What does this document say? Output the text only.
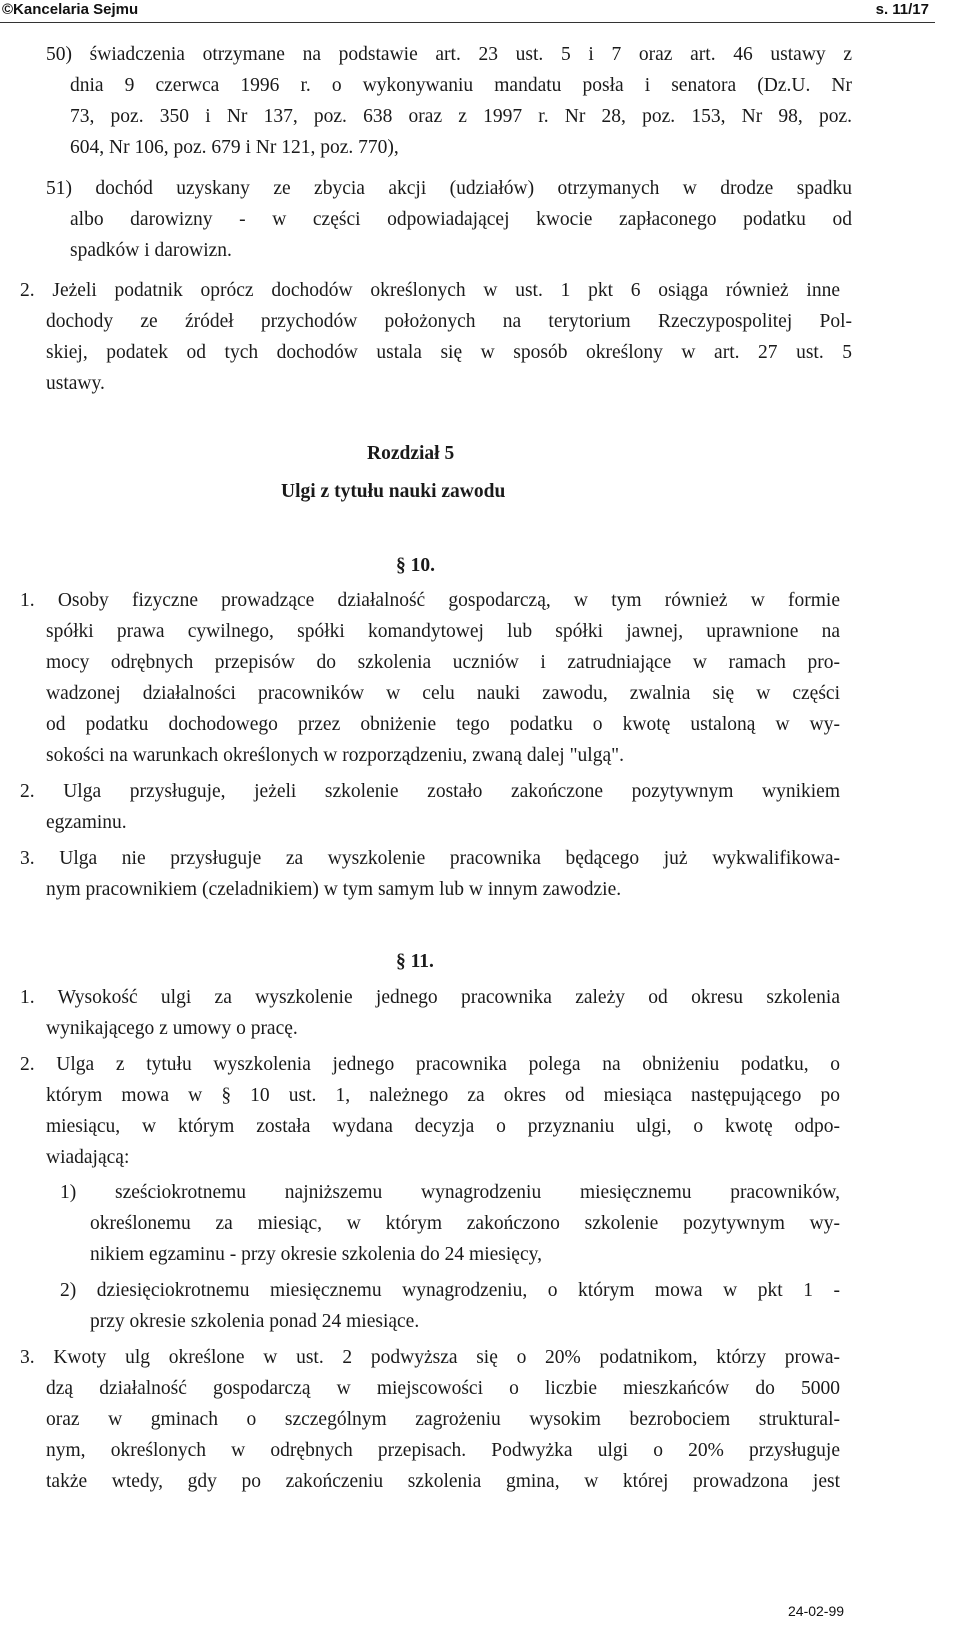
©Kancelaria Sejmu	s. 11/17
50) świadczenia otrzymane na podstawie art. 23 ust. 5 i 7 oraz art. 46 ustawy z
dnia 9 czerwca 1996 r. o wykonywaniu mandatu posła i senatora (Dz.U. Nr
73, poz. 350 i Nr 137, poz. 638 oraz z 1997 r. Nr 28, poz. 153, Nr 98, poz.
604, Nr 106, poz. 679 i Nr 121, poz. 770),
51) dochód uzyskany ze zbycia akcji (udziałów) otrzymanych w drodze spadku
albo darowizny - w części odpowiadającej kwocie zapłaconego podatku od
spadków i darowizn.
2. Jeżeli podatnik oprócz dochodów określonych w ust. 1 pkt 6 osiąga również inne
dochody ze źródeł przychodów położonych na terytorium Rzeczypospolitej Pol-
skiej, podatek od tych dochodów ustala się w sposób określony w art. 27 ust. 5
ustawy.
Rozdział 5
Ulgi z tytułu nauki zawodu
§ 10.
1. Osoby fizyczne prowadzące działalność gospodarczą, w tym również w formie
spółki prawa cywilnego, spółki komandytowej lub spółki jawnej, uprawnione na
mocy odrębnych przepisów do szkolenia uczniów i zatrudniające w ramach pro-
wadzonej działalności pracowników w celu nauki zawodu, zwalnia się w części
od podatku dochodowego przez obniżenie tego podatku o kwotę ustaloną w wy-
sokości na warunkach określonych w rozporządzeniu, zwaną dalej "ulgą".
2. Ulga przysługuje, jeżeli szkolenie zostało zakończone pozytywnym wynikiem
egzaminu.
3. Ulga nie przysługuje za wyszkolenie pracownika będącego już wykwalifikowa-
nym pracownikiem (czeladnikiem) w tym samym lub w innym zawodzie.
§ 11.
1. Wysokość ulgi za wyszkolenie jednego pracownika zależy od okresu szkolenia
wynikającego z umowy o pracę.
2. Ulga z tytułu wyszkolenia jednego pracownika polega na obniżeniu podatku, o
którym mowa w § 10 ust. 1, należnego za okres od miesiąca następującego po
miesiącu, w którym została wydana decyzja o przyznaniu ulgi, o kwotę odpo-
wiadającą:
1) sześciokrotnemu najniższemu wynagrodzeniu miesięcznemu pracowników,
określonemu za miesiąc, w którym zakończono szkolenie pozytywnym wy-
nikiem egzaminu - przy okresie szkolenia do 24 miesięcy,
2) dziesięciokrotnemu miesięcznemu wynagrodzeniu, o którym mowa w pkt 1 -
przy okresie szkolenia ponad 24 miesiące.
3. Kwoty ulg określone w ust. 2 podwyższa się o 20% podatnikom, którzy prowa-
dzą działalność gospodarczą w miejscowości o liczbie mieszkańców do 5000
oraz w gminach o szczególnym zagrożeniu wysokim bezrobociem struktural-
nym, określonych w odrębnych przepisach. Podwyżka ulgi o 20% przysługuje
także wtedy, gdy po zakończeniu szkolenia gmina, w której prowadzona jest
24-02-99
